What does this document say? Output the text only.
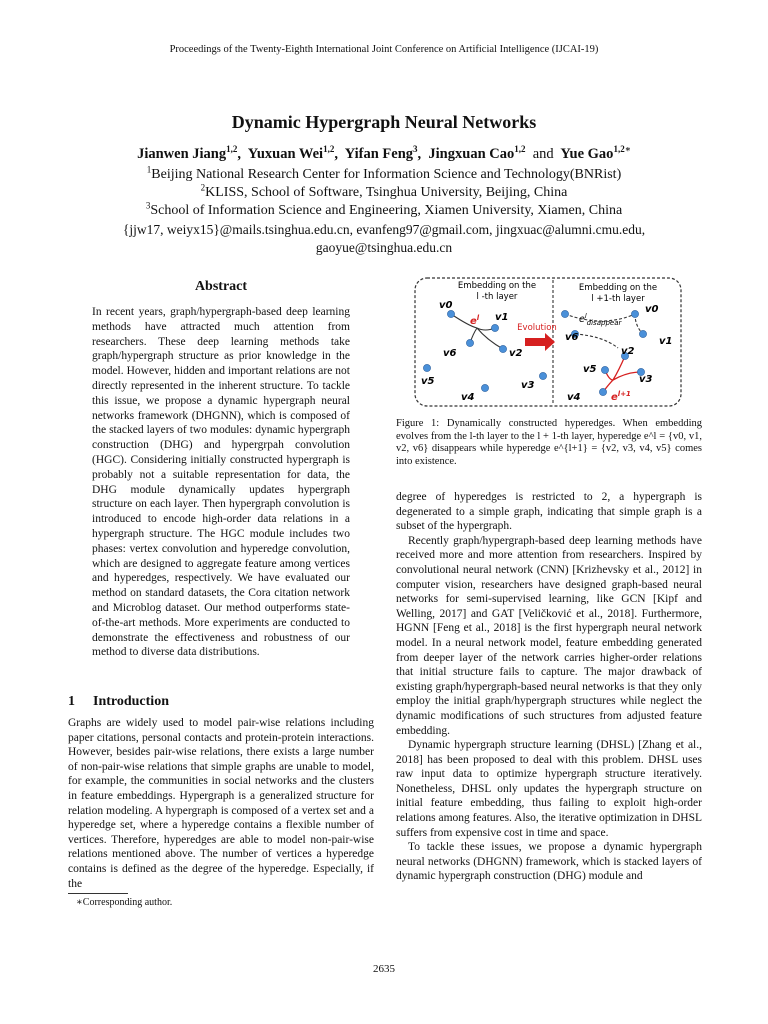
Proceedings of the Twenty-Eighth International Joint Conference on Artificial Intelligence (IJCAI-19)
Dynamic Hypergraph Neural Networks
Jianwen Jiang$^{1,2}$,  Yuxuan Wei$^{1,2}$,  Yifan Feng$^3$,  Jingxuan Cao$^{1,2}$ and Yue Gao$^{1,2∗}$
$^1$Beijing National Research Center for Information Science and Technology(BNRist)
$^2$KLISS, School of Software, Tsinghua University, Beijing, China
$^3$School of Information Science and Engineering, Xiamen University, Xiamen, China
{jjw17, weiyx15}@mails.tsinghua.edu.cn, evanfeng97@gmail.com, jingxuac@alumni.cmu.edu,
gaoyue@tsinghua.edu.cn
Abstract
In recent years, graph/hypergraph-based deep learning methods have attracted much attention from researchers. These deep learning methods take graph/hypergraph structure as prior knowledge in the model. However, hidden and important relations are not directly represented in the inherent structure. To tackle this issue, we propose a dynamic hypergraph neural networks framework (DHGNN), which is composed of the stacked layers of two modules: dynamic hypergraph construction (DHG) and hypergrpah convolution (HGC). Considering initially constructed hypergraph is probably not a suitable representation for data, the DHG module dynamically updates hypergraph structure on each layer. Then hypergraph convolution is introduced to encode high-order data relations in a hypergraph structure. The HGC module includes two phases: vertex convolution and hyperedge convolution, which are designed to aggregate feature among vertices and hyperedges, respectively. We have evaluated our method on standard datasets, the Cora citation network and Microblog dataset. Our method outperforms state-of-the-art methods. More experiments are conducted to demonstrate the effectiveness and robustness of our method to diverse data distributions.
1 Introduction
Graphs are widely used to model pair-wise relations including paper citations, personal contacts and protein-protein interactions. However, besides pair-wise relations, there exists a large number of non-pair-wise relations that simple graphs are unable to model, for example, the communities in social networks and the clusters in feature embeddings. Hypergraph is a generalized structure for relation modeling. A hypergraph is composed of a vertex set and a hyperedge set, where a hyperedge contains a flexible number of vertices. Therefore, hyperedges are able to model non-pair-wise relations mentioned above. The number of vertices a hyperedge contains is defined as the degree of the hyperedge. Especially, if the
∗Corresponding author.
Embedding on the
l -th layer
Embedding on the
l +1-th layer
$e^l$
Evolution
$e^l_{disappear}$
$e^{l+1}$
v0
v1
v2
v3
v4
v5
v6
v0
v1
v2
v3
v4
v5
v6
Figure 1: Dynamically constructed hyperedges. When embedding evolves from the l-th layer to the l + 1-th layer, hyperedge e^l = {v0, v1, v2, v6} disappears while hyperedge e^{l+1} = {v2, v3, v4, v5} comes into existence.

degree of hyperedges is restricted to 2, a hypergraph is degenerated to a simple graph, indicating that simple graph is a subset of the hypergraph.

Recently graph/hypergraph-based deep learning methods have received more and more attention from researchers. Inspired by convolutional neural network (CNN) [Krizhevsky et al., 2012] in computer vision, researchers have designed graph-based neural networks for semi-supervised learning, like GCN [Kipf and Welling, 2017] and GAT [Veličković et al., 2018]. Furthermore, HGNN [Feng et al., 2018] is the first hypergraph neural network model. In a neural network model, feature embedding generated from deeper layer of the network carries higher-order relations that initial structure fails to capture. The major drawback of existing graph/hypergraph-based neural networks is that they only employ the initial graph/hypergraph structures while neglect the dynamic modifications of such structures from adjusted feature embedding.

Dynamic hypergraph structure learning (DHSL) [Zhang et al., 2018] has been proposed to deal with this problem. DHSL uses raw input data to optimize hypergraph structure iteratively. Nonetheless, DHSL only updates the hypergraph structure on initial feature embedding, thus failing to exploit high-order relations among features. Also, the iterative optimization in DHSL suffers from expensive cost in time and space.

To tackle these issues, we propose a dynamic hypergraph neural networks (DHGNN) framework, which is stacked layers of dynamic hypergraph construction (DHG) module and

2635
